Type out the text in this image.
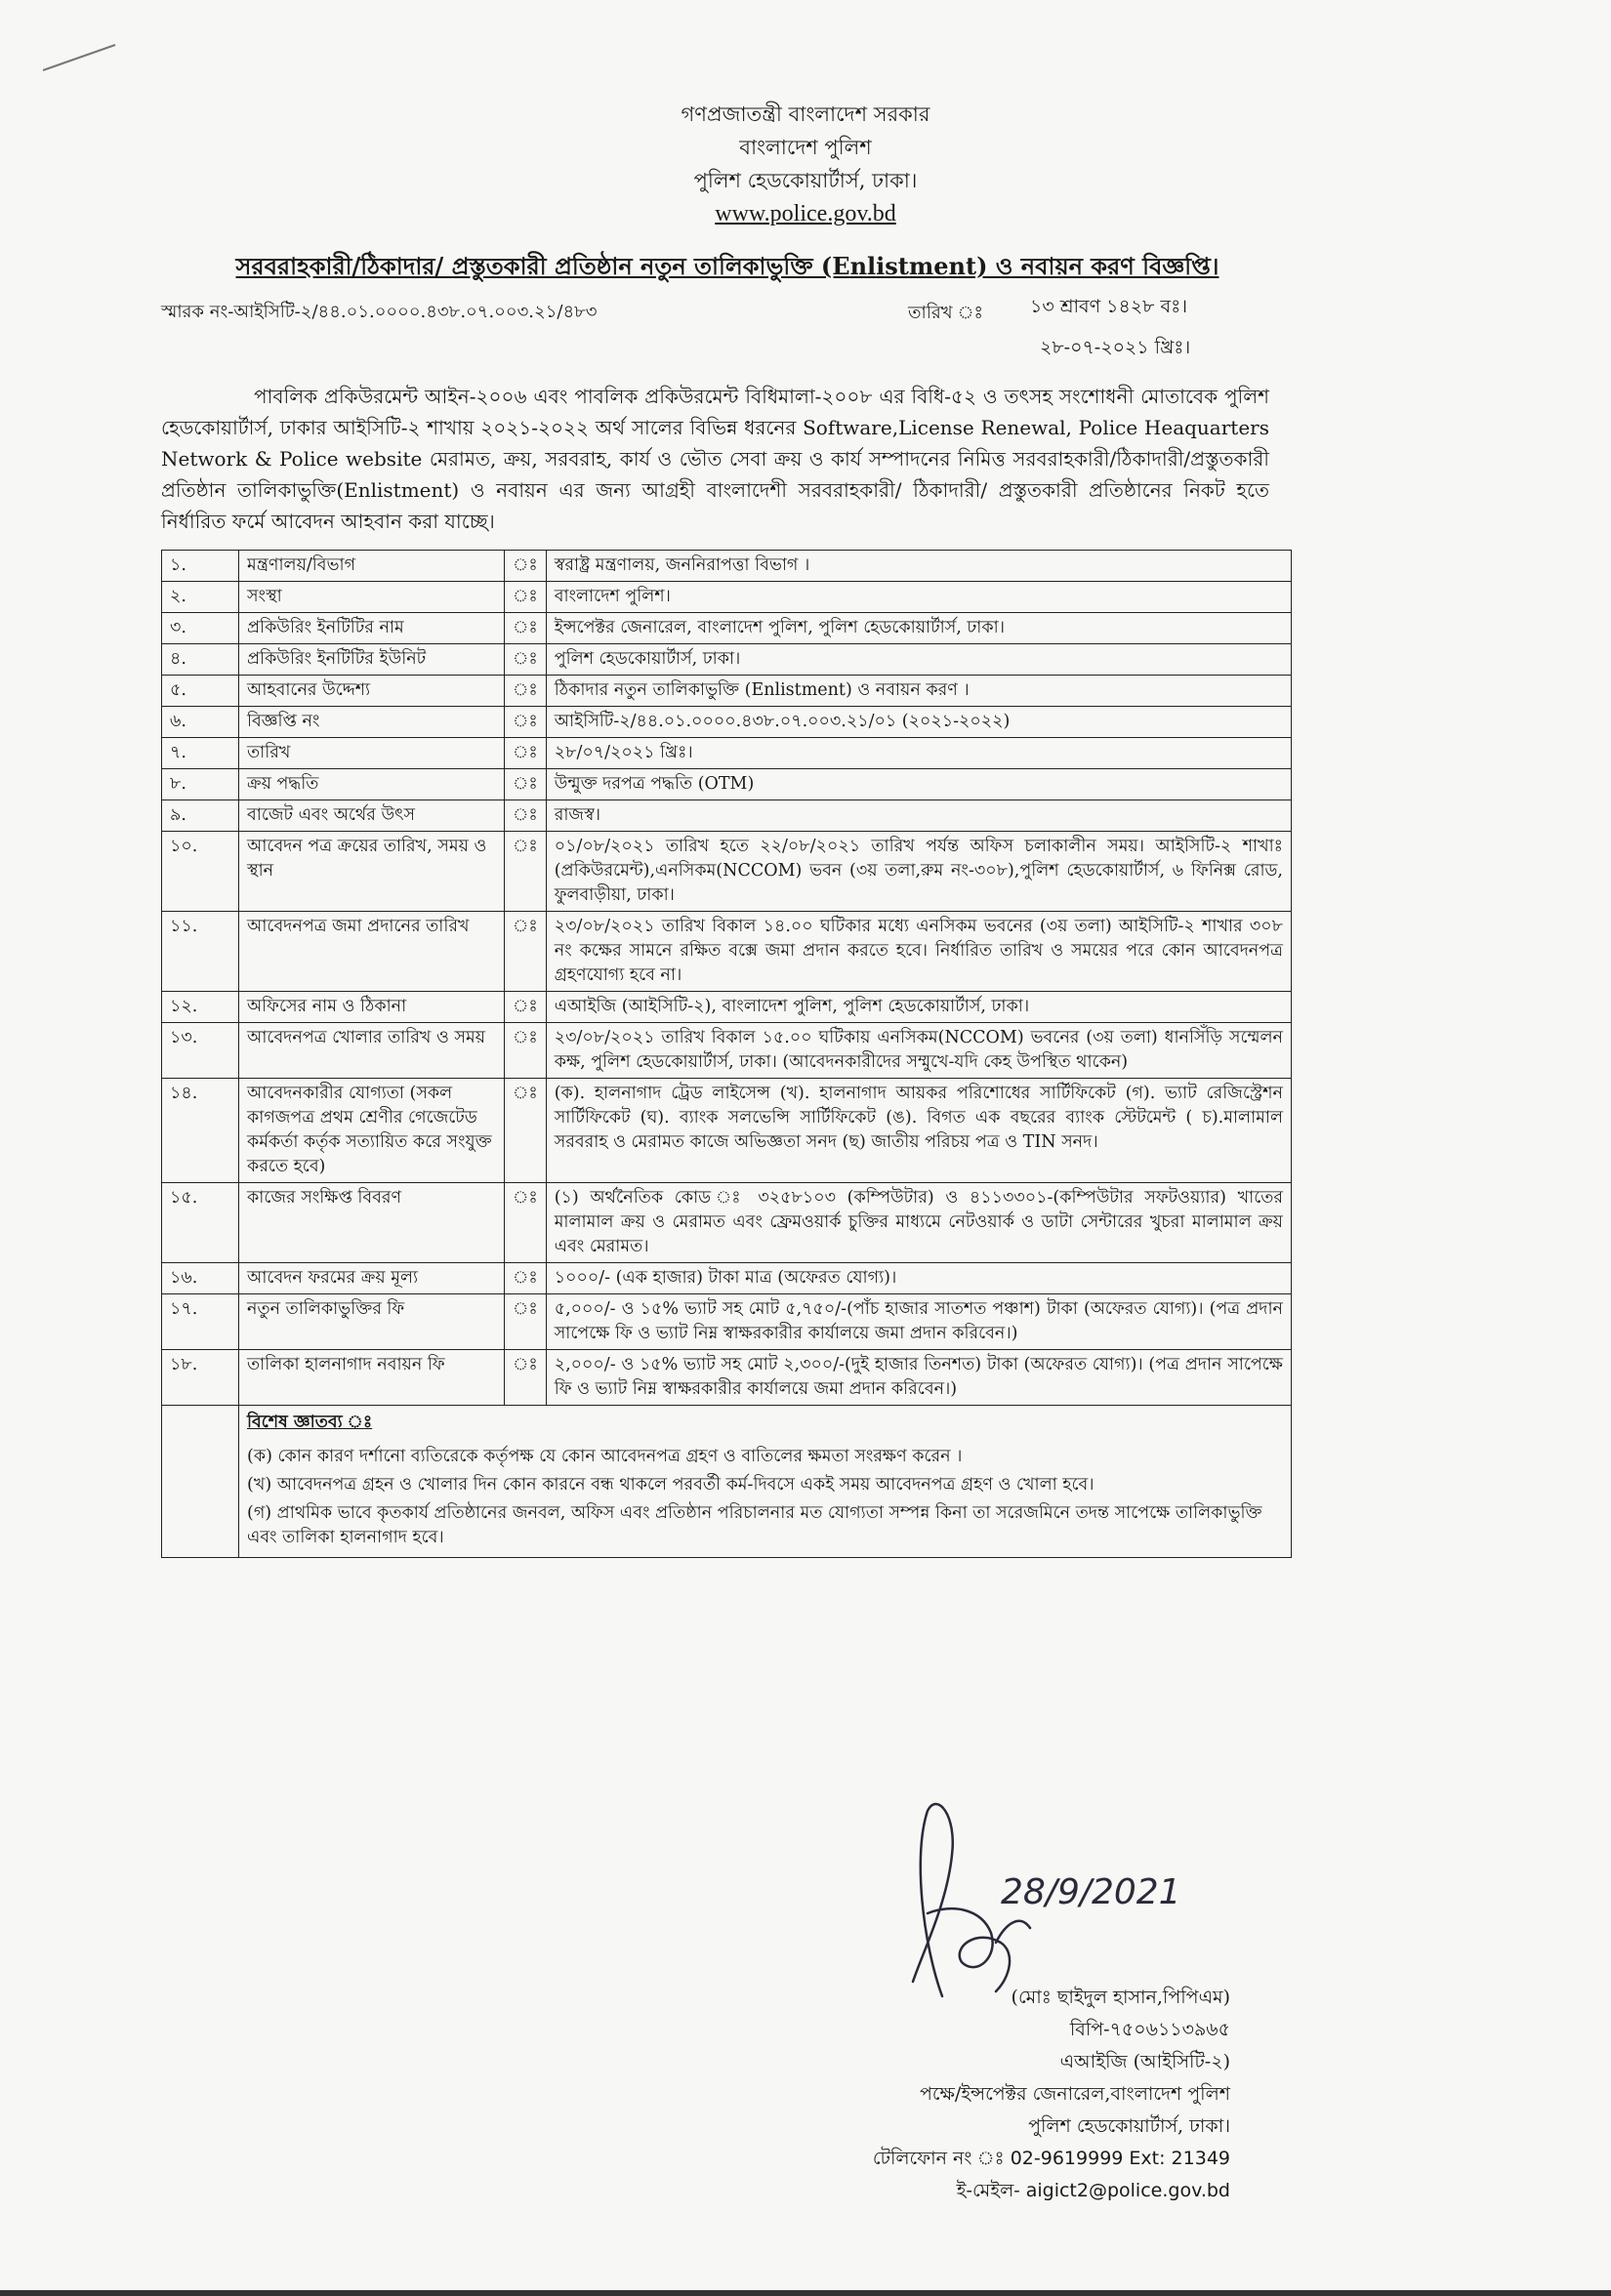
গণপ্রজাতন্ত্রী বাংলাদেশ সরকার
বাংলাদেশ পুলিশ
পুলিশ হেডকোয়ার্টার্স, ঢাকা।
www.police.gov.bd
সরবরাহকারী/ঠিকাদার/ প্রস্তুতকারী প্রতিষ্ঠান নতুন তালিকাভুক্তি (Enlistment) ও নবায়ন করণ বিজ্ঞপ্তি।
স্মারক নং-আইসিটি-২/৪৪.০১.০০০০.৪৩৮.০৭.০০৩.২১/৪৮৩	তারিখ ঃ	১৩ শ্রাবণ ১৪২৮ বঃ।
২৮-০৭-২০২১ খ্রিঃ।
পাবলিক প্রকিউরমেন্ট আইন-২০০৬ এবং পাবলিক প্রকিউরমেন্ট বিধিমালা-২০০৮ এর বিধি-৫২ ও তৎসহ সংশোধনী মোতাবেক পুলিশ হেডকোয়ার্টার্স, ঢাকার আইসিটি-২ শাখায় ২০২১-২০২২ অর্থ সালের বিভিন্ন ধরনের Software,License Renewal, Police Heaquarters Network & Police website মেরামত, ক্রয়, সরবরাহ, কার্য ও ভৌত সেবা ক্রয় ও কার্য সম্পাদনের নিমিত্ত সরবরাহকারী/ঠিকাদারী/প্রস্তুতকারী প্রতিষ্ঠান তালিকাভুক্তি(Enlistment) ও নবায়ন এর জন্য আগ্রহী বাংলাদেশী সরবরাহকারী/ ঠিকাদারী/ প্রস্তুতকারী প্রতিষ্ঠানের নিকট হতে নির্ধারিত ফর্মে আবেদন আহবান করা যাচ্ছে।
১.	মন্ত্রণালয়/বিভাগ	ঃ	স্বরাষ্ট্র মন্ত্রণালয়, জননিরাপত্তা বিভাগ ।
২.	সংস্থা	ঃ	বাংলাদেশ পুলিশ।
৩.	প্রকিউরিং ইনটিটির নাম	ঃ	ইন্সপেক্টর জেনারেল, বাংলাদেশ পুলিশ, পুলিশ হেডকোয়ার্টার্স, ঢাকা।
৪.	প্রকিউরিং ইনটিটির ইউনিট	ঃ	পুলিশ হেডকোয়ার্টার্স, ঢাকা।
৫.	আহবানের উদ্দেশ্য	ঃ	ঠিকাদার নতুন তালিকাভুক্তি (Enlistment) ও নবায়ন করণ ।
৬.	বিজ্ঞপ্তি নং	ঃ	আইসিটি-২/৪৪.০১.০০০০.৪৩৮.০৭.০০৩.২১/০১ (২০২১-২০২২)
৭.	তারিখ	ঃ	২৮/০৭/২০২১ খ্রিঃ।
৮.	ক্রয় পদ্ধতি	ঃ	উন্মুক্ত দরপত্র পদ্ধতি (OTM)
৯.	বাজেট এবং অর্থের উৎস	ঃ	রাজস্ব।
১০.	আবেদন পত্র ক্রয়ের তারিখ, সময় ও স্থান	ঃ	০১/০৮/২০২১ তারিখ হতে ২২/০৮/২০২১ তারিখ পর্যন্ত অফিস চলাকালীন সময়। আইসিটি-২ শাখাঃ (প্রকিউরমেন্ট),এনসিকম(NCCOM) ভবন (৩য় তলা,রুম নং-৩০৮),পুলিশ হেডকোয়ার্টার্স, ৬ ফিনিক্স রোড, ফুলবাড়ীয়া, ঢাকা।
১১.	আবেদনপত্র জমা প্রদানের তারিখ	ঃ	২৩/০৮/২০২১ তারিখ বিকাল ১৪.০০ ঘটিকার মধ্যে এনসিকম ভবনের (৩য় তলা) আইসিটি-২ শাখার ৩০৮ নং কক্ষের সামনে রক্ষিত বক্সে জমা প্রদান করতে হবে। নির্ধারিত তারিখ ও সময়ের পরে কোন আবেদনপত্র গ্রহণযোগ্য হবে না।
১২.	অফিসের নাম ও ঠিকানা	ঃ	এআইজি (আইসিটি-২), বাংলাদেশ পুলিশ, পুলিশ হেডকোয়ার্টার্স, ঢাকা।
১৩.	আবেদনপত্র খোলার তারিখ ও সময়	ঃ	২৩/০৮/২০২১ তারিখ বিকাল ১৫.০০ ঘটিকায় এনসিকম(NCCOM) ভবনের (৩য় তলা) ধানসিঁড়ি সম্মেলন কক্ষ, পুলিশ হেডকোয়ার্টার্স, ঢাকা। (আবেদনকারীদের সম্মুখে-যদি কেহ উপস্থিত থাকেন)
১৪.	আবেদনকারীর যোগ্যতা (সকল কাগজপত্র প্রথম শ্রেণীর গেজেটেড কর্মকর্তা কর্তৃক সত্যায়িত করে সংযুক্ত করতে হবে)	ঃ	(ক). হালনাগাদ ট্রেড লাইসেন্স (খ). হালনাগাদ আয়কর পরিশোধের সার্টিফিকেট (গ). ভ্যাট রেজিস্ট্রেশন সার্টিফিকেট (ঘ). ব্যাংক সলভেন্সি সার্টিফিকেট (ঙ). বিগত এক বছরের ব্যাংক স্টেটমেন্ট ( চ).মালামাল সরবরাহ ও মেরামত কাজে অভিজ্ঞতা সনদ (ছ) জাতীয় পরিচয় পত্র ও TIN সনদ।
১৫.	কাজের সংক্ষিপ্ত বিবরণ	ঃ	(১) অর্থনৈতিক কোড ঃ ৩২৫৮১০৩ (কম্পিউটার) ও ৪১১৩৩০১-(কম্পিউটার সফটওয়্যার) খাতের মালামাল ক্রয় ও মেরামত এবং ফ্রেমওয়ার্ক চুক্তির মাধ্যমে নেটওয়ার্ক ও ডাটা সেন্টারের খুচরা মালামাল ক্রয় এবং মেরামত।
১৬.	আবেদন ফরমের ক্রয় মূল্য	ঃ	১০০০/- (এক হাজার) টাকা মাত্র (অফেরত যোগ্য)।
১৭.	নতুন তালিকাভুক্তির ফি	ঃ	৫,০০০/- ও ১৫% ভ্যাট সহ মোট ৫,৭৫০/-(পাঁচ হাজার সাতশত পঞ্চাশ) টাকা (অফেরত যোগ্য)। (পত্র প্রদান সাপেক্ষে ফি ও ভ্যাট নিম্ন স্বাক্ষরকারীর কার্যালয়ে জমা প্রদান করিবেন।)
১৮.	তালিকা হালনাগাদ নবায়ন ফি	ঃ	২,০০০/- ও ১৫% ভ্যাট সহ মোট ২,৩০০/-(দুই হাজার তিনশত) টাকা (অফেরত যোগ্য)। (পত্র প্রদান সাপেক্ষে ফি ও ভ্যাট নিম্ন স্বাক্ষরকারীর কার্যালয়ে জমা প্রদান করিবেন।)

	বিশেষ জ্ঞাতব্য ঃ
(ক) কোন কারণ দর্শানো ব্যতিরেকে কর্তৃপক্ষ যে কোন আবেদনপত্র গ্রহণ ও বাতিলের ক্ষমতা সংরক্ষণ করেন ।
(খ) আবেদনপত্র গ্রহন ও খোলার দিন কোন কারনে বন্ধ থাকলে পরবর্তী কর্ম-দিবসে একই সময় আবেদনপত্র গ্রহণ ও খোলা হবে।
(গ) প্রাথমিক ভাবে কৃতকার্য প্রতিষ্ঠানের জনবল, অফিস এবং প্রতিষ্ঠান পরিচালনার মত যোগ্যতা সম্পন্ন কিনা তা সরেজমিনে তদন্ত সাপেক্ষে তালিকাভুক্তি এবং তালিকা হালনাগাদ হবে।		
28/9/2021
(মোঃ ছাইদুল হাসান,পিপিএম)
বিপি-৭৫০৬১১৩৯৬৫
এআইজি (আইসিটি-২)
পক্ষে/ইন্সপেক্টর জেনারেল,বাংলাদেশ পুলিশ
পুলিশ হেডকোয়ার্টার্স, ঢাকা।
টেলিফোন নং ঃ 02-9619999 Ext: 21349
ই-মেইল- aigict2@police.gov.bd
